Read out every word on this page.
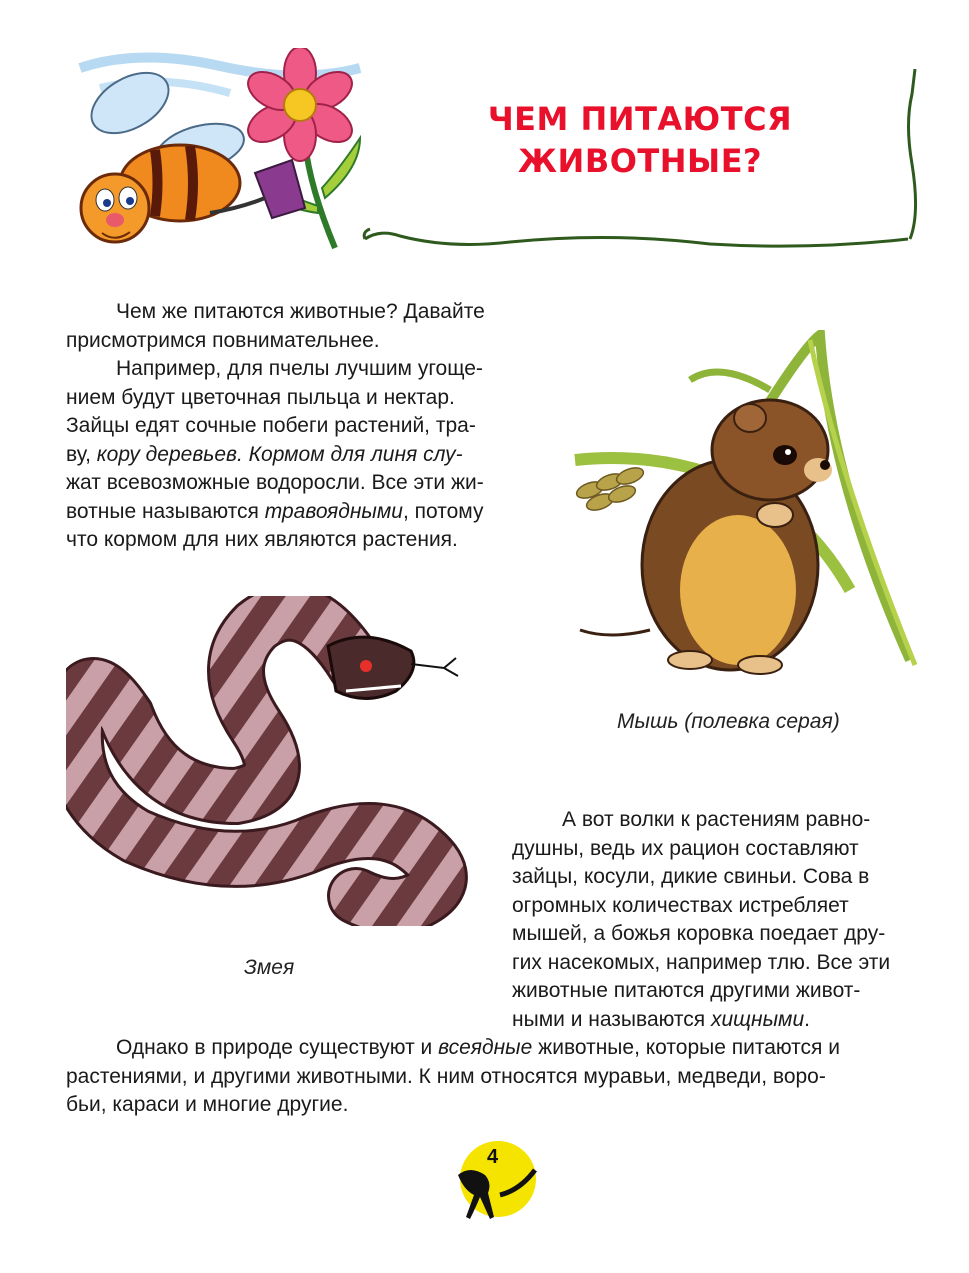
ЧЕМ ПИТАЮТСЯ
ЖИВОТНЫЕ?
Чем же питаются животные? Давайте
присмотримся повнимательнее.
Например, для пчелы лучшим угоще-
нием будут цветочная пыльца и нектар.
Зайцы едят сочные побеги растений, тра-
ву, кору деревьев. Кормом для линя слу-
жат всевозможные водоросли. Все эти жи-
вотные называются травоядными, потому
что кормом для них являются растения.
Мышь (полевка серая)
Змея
А вот волки к растениям равно-
душны, ведь их рацион составляют
зайцы, косули, дикие свиньи. Сова в
огромных количествах истребляет
мышей, а божья коровка поедает дру-
гих насекомых, например тлю. Все эти
животные питаются другими живот-
ными и называются хищными.
Однако в природе существуют и всеядные животные, которые питаются и
растениями, и другими животными. К ним относятся муравьи, медведи, воро-
бьи, караси и многие другие.
4
